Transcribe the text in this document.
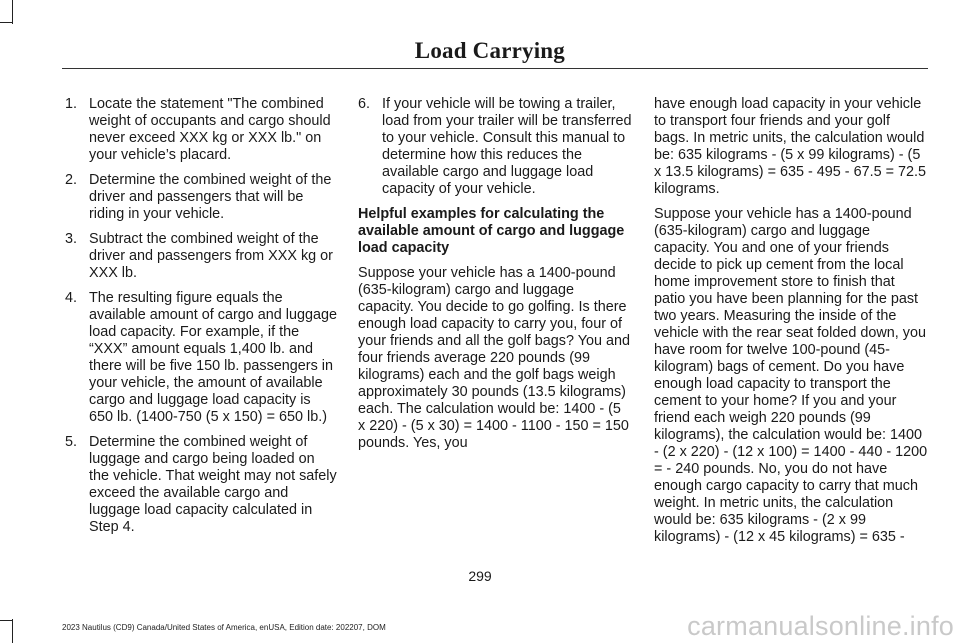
Load Carrying
1. Locate the statement "The combined weight of occupants and cargo should never exceed XXX kg or XXX lb." on your vehicle’s placard.
2. Determine the combined weight of the driver and passengers that will be riding in your vehicle.
3. Subtract the combined weight of the driver and passengers from XXX kg or XXX lb.
4. The resulting figure equals the available amount of cargo and luggage load capacity. For example, if the “XXX” amount equals 1,400 lb. and there will be five 150 lb. passengers in your vehicle, the amount of available cargo and luggage load capacity is 650 lb. (1400-750 (5 x 150) = 650 lb.)
5. Determine the combined weight of luggage and cargo being loaded on the vehicle. That weight may not safely exceed the available cargo and luggage load capacity calculated in Step 4.
6. If your vehicle will be towing a trailer, load from your trailer will be transferred to your vehicle. Consult this manual to determine how this reduces the available cargo and luggage load capacity of your vehicle.
Helpful examples for calculating the available amount of cargo and luggage load capacity

Suppose your vehicle has a 1400-pound (635-kilogram) cargo and luggage capacity. You decide to go golfing. Is there enough load capacity to carry you, four of your friends and all the golf bags? You and four friends average 220 pounds (99 kilograms) each and the golf bags weigh approximately 30 pounds (13.5 kilograms) each. The calculation would be: 1400 - (5 x 220) - (5 x 30) = 1400 - 1100 - 150 = 150 pounds. Yes, you

have enough load capacity in your vehicle to transport four friends and your golf bags. In metric units, the calculation would be: 635 kilograms - (5 x 99 kilograms) - (5 x 13.5 kilograms) = 635 - 495 - 67.5 = 72.5 kilograms.

Suppose your vehicle has a 1400-pound (635-kilogram) cargo and luggage capacity. You and one of your friends decide to pick up cement from the local home improvement store to finish that patio you have been planning for the past two years. Measuring the inside of the vehicle with the rear seat folded down, you have room for twelve 100-pound (45-kilogram) bags of cement. Do you have enough load capacity to transport the cement to your home? If you and your friend each weigh 220 pounds (99 kilograms), the calculation would be: 1400 - (2 x 220) - (12 x 100) = 1400 - 440 - 1200 = - 240 pounds. No, you do not have enough cargo capacity to carry that much weight. In metric units, the calculation would be: 635 kilograms - (2 x 99 kilograms) - (12 x 45 kilograms) = 635 -

299
2023 Nautilus (CD9) Canada/United States of America, enUSA, Edition date: 202207, DOM	carmanualsonline.info
